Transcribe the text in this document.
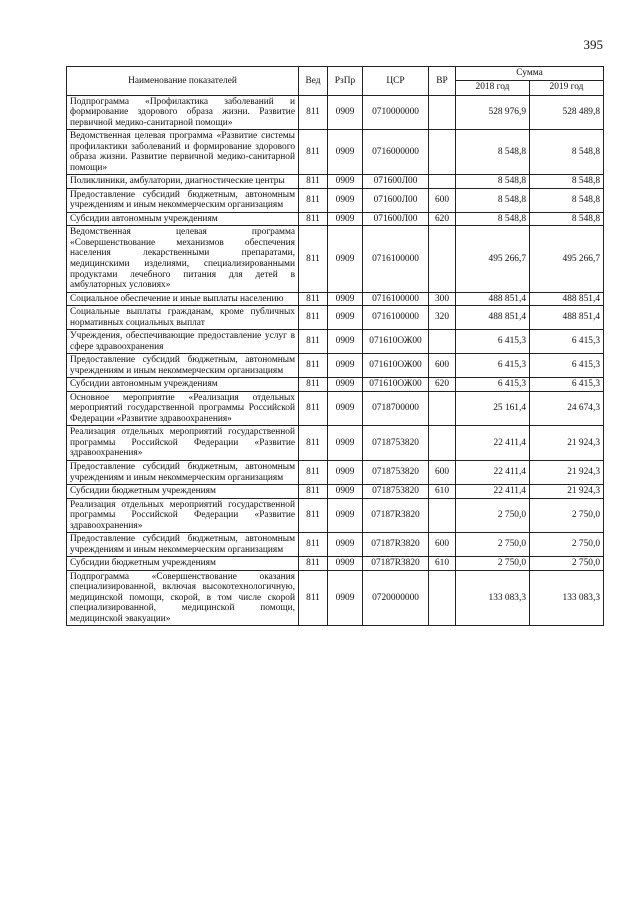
395
Наименование показателей	Вед	РзПр	ЦСР	ВР	Сумма	
					2018 год	2019 год
Подпрограмма «Профилактика заболеваний и формирование здорового образа жизни. Развитие первичной медико-санитарной помощи»	811	0909	0710000000		528 976,9	528 489,8
Ведомственная целевая программа «Развитие системы профилактики заболеваний и формирование здорового образа жизни. Развитие первичной медико-санитарной помощи»	811	0909	0716000000		8 548,8	8 548,8
Поликлиники, амбулатории, диагностические центры	811	0909	071600Л00		8 548,8	8 548,8
Предоставление субсидий бюджетным, автономным учреждениям и иным некоммерческим организациям	811	0909	071600Л00	600	8 548,8	8 548,8
Субсидии автономным учреждениям	811	0909	071600Л00	620	8 548,8	8 548,8
Ведомственная целевая программа «Совершенствование механизмов обеспечения населения лекарственными препаратами, медицинскими изделиями, специализированными продуктами лечебного питания для детей в амбулаторных условиях»	811	0909	0716100000		495 266,7	495 266,7
Социальное обеспечение и иные выплаты населению	811	0909	0716100000	300	488 851,4	488 851,4
Социальные выплаты гражданам, кроме публичных нормативных социальных выплат	811	0909	0716100000	320	488 851,4	488 851,4
Учреждения, обеспечивающие предоставление услуг в сфере здравоохранения	811	0909	071610ОЖ00		6 415,3	6 415,3
Предоставление субсидий бюджетным, автономным учреждениям и иным некоммерческим организациям	811	0909	071610ОЖ00	600	6 415,3	6 415,3
Субсидии автономным учреждениям	811	0909	071610ОЖ00	620	6 415,3	6 415,3
Основное мероприятие «Реализация отдельных мероприятий государственной программы Российской Федерации «Развитие здравоохранения»	811	0909	0718700000		25 161,4	24 674,3
Реализация отдельных мероприятий государственной программы Российской Федерации «Развитие здравоохранения»	811	0909	0718753820		22 411,4	21 924,3
Предоставление субсидий бюджетным, автономным учреждениям и иным некоммерческим организациям	811	0909	0718753820	600	22 411,4	21 924,3
Субсидии бюджетным учреждениям	811	0909	0718753820	610	22 411,4	21 924,3
Реализация отдельных мероприятий государственной программы Российской Федерации «Развитие здравоохранения»	811	0909	07187R3820		2 750,0	2 750,0
Предоставление субсидий бюджетным, автономным учреждениям и иным некоммерческим организациям	811	0909	07187R3820	600	2 750,0	2 750,0
Субсидии бюджетным учреждениям	811	0909	07187R3820	610	2 750,0	2 750,0
Подпрограмма «Совершенствование оказания специализированной, включая высокотехнологичную, медицинской помощи, скорой, в том числе скорой специализированной, медицинской помощи, медицинской эвакуации»	811	0909	0720000000		133 083,3	133 083,3
